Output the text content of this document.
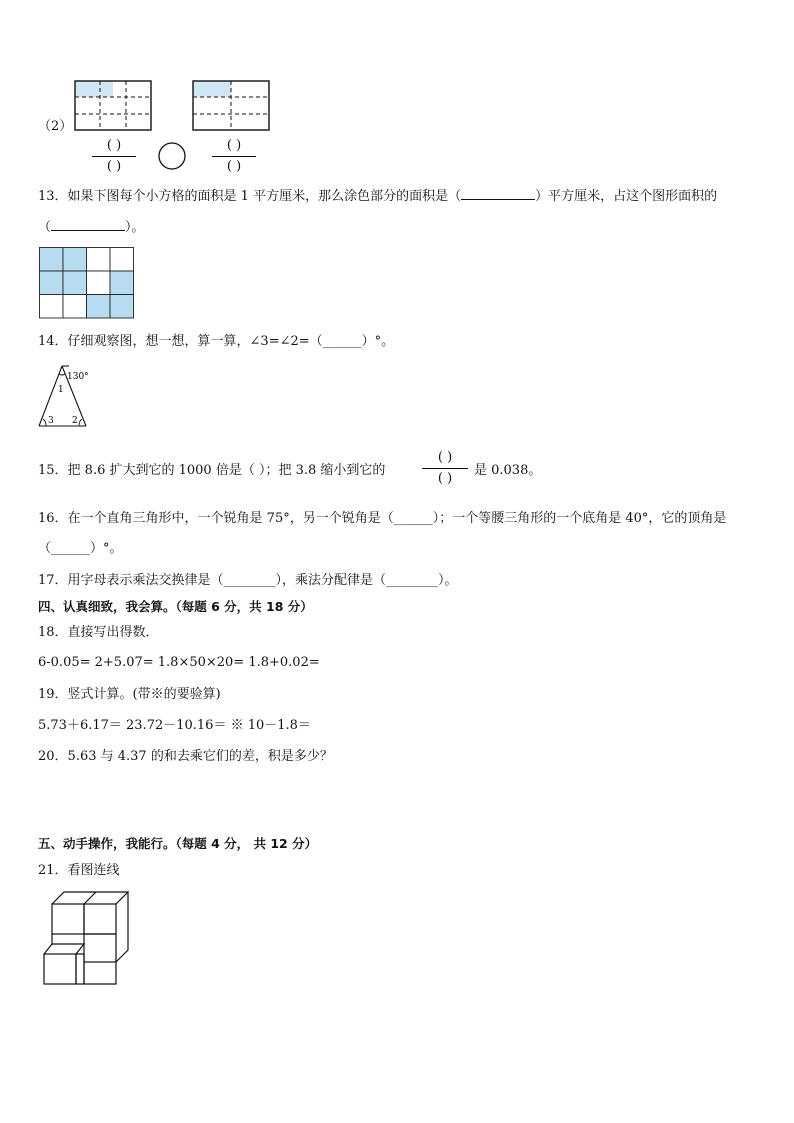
（2）
( )
( )
( )
( )
13．如果下图每个小方格的面积是 1 平方厘米，那么涂色部分的面积是（	）平方厘米，占这个图形面积的
（	）。
14．仔细观察图，想一想，算一算，∠3=∠2=（______）°。
130°
1
3 2
15．把 8.6 扩大到它的 1000 倍是（ ）；把 3.8 缩小到它的
( )
( )
是 0.038。
16．在一个直角三角形中，一个锐角是 75°，另一个锐角是（______）；一个等腰三角形的一个底角是 40°，它的顶角是
（______）°。
17．用字母表示乘法交换律是（________），乘法分配律是（________）。
四、认真细致，我会算。（每题 6 分，共 18 分）
18．直接写出得数．
6-0.05= 2+5.07= 1.8×50×20= 1.8+0.02=
19．竖式计算。(带※的要验算)
5.73＋6.17＝ 23.72－10.16＝ ※ 10－1.8＝
20．5.63 与 4.37 的和去乘它们的差，积是多少？
五、动手操作，我能行。（每题 4 分， 共 12 分）
21．看图连线
